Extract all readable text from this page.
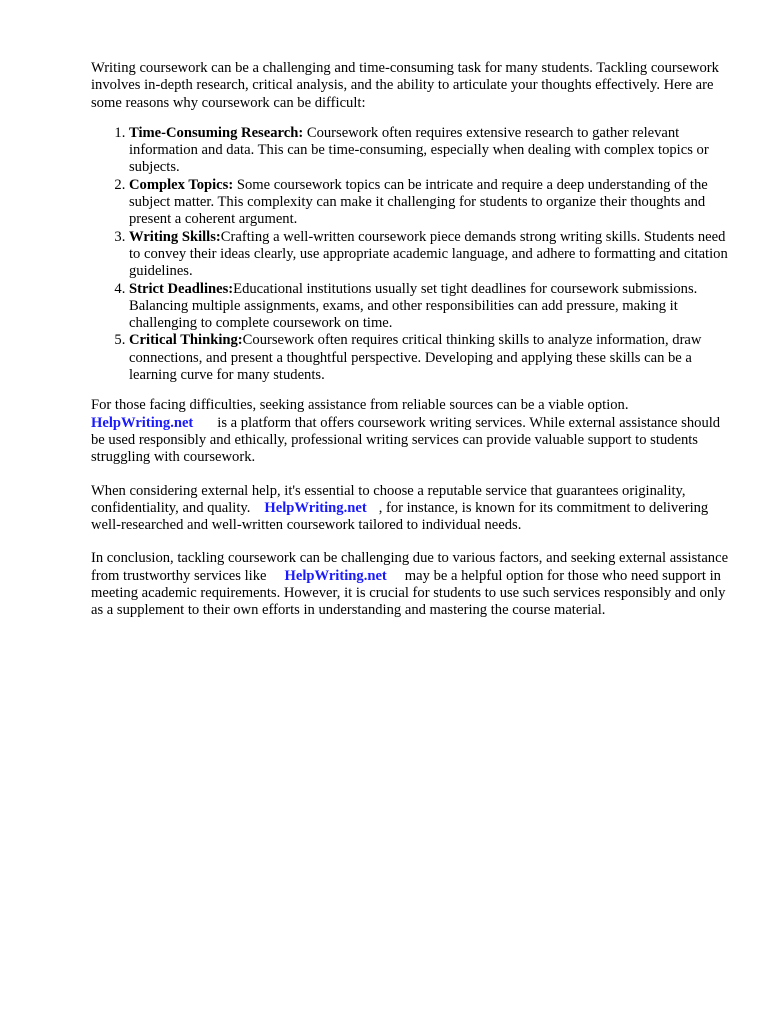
Writing coursework can be a challenging and time-consuming task for many students. Tackling coursework involves in-depth research, critical analysis, and the ability to articulate your thoughts effectively. Here are some reasons why coursework can be difficult:

1. Time-Consuming Research: Coursework often requires extensive research to gather relevant information and data. This can be time-consuming, especially when dealing with complex topics or subjects.
2. Complex Topics: Some coursework topics can be intricate and require a deep understanding of the subject matter. This complexity can make it challenging for students to organize their thoughts and present a coherent argument.
3. Writing Skills:Crafting a well-written coursework piece demands strong writing skills. Students need to convey their ideas clearly, use appropriate academic language, and adhere to formatting and citation guidelines.
4. Strict Deadlines:Educational institutions usually set tight deadlines for coursework submissions. Balancing multiple assignments, exams, and other responsibilities can add pressure, making it challenging to complete coursework on time.
5. Critical Thinking:Coursework often requires critical thinking skills to analyze information, draw connections, and present a thoughtful perspective. Developing and applying these skills can be a learning curve for many students.

For those facing difficulties, seeking assistance from reliable sources can be a viable option.
HelpWriting.net is a platform that offers coursework writing services. While external assistance should be used responsibly and ethically, professional writing services can provide valuable support to students struggling with coursework.

When considering external help, it's essential to choose a reputable service that guarantees originality, confidentiality, and quality. HelpWriting.net , for instance, is known for its commitment to delivering well-researched and well-written coursework tailored to individual needs.

In conclusion, tackling coursework can be challenging due to various factors, and seeking external assistance from trustworthy services like HelpWriting.net may be a helpful option for those who need support in meeting academic requirements. However, it is crucial for students to use such services responsibly and only as a supplement to their own efforts in understanding and mastering the course material.
